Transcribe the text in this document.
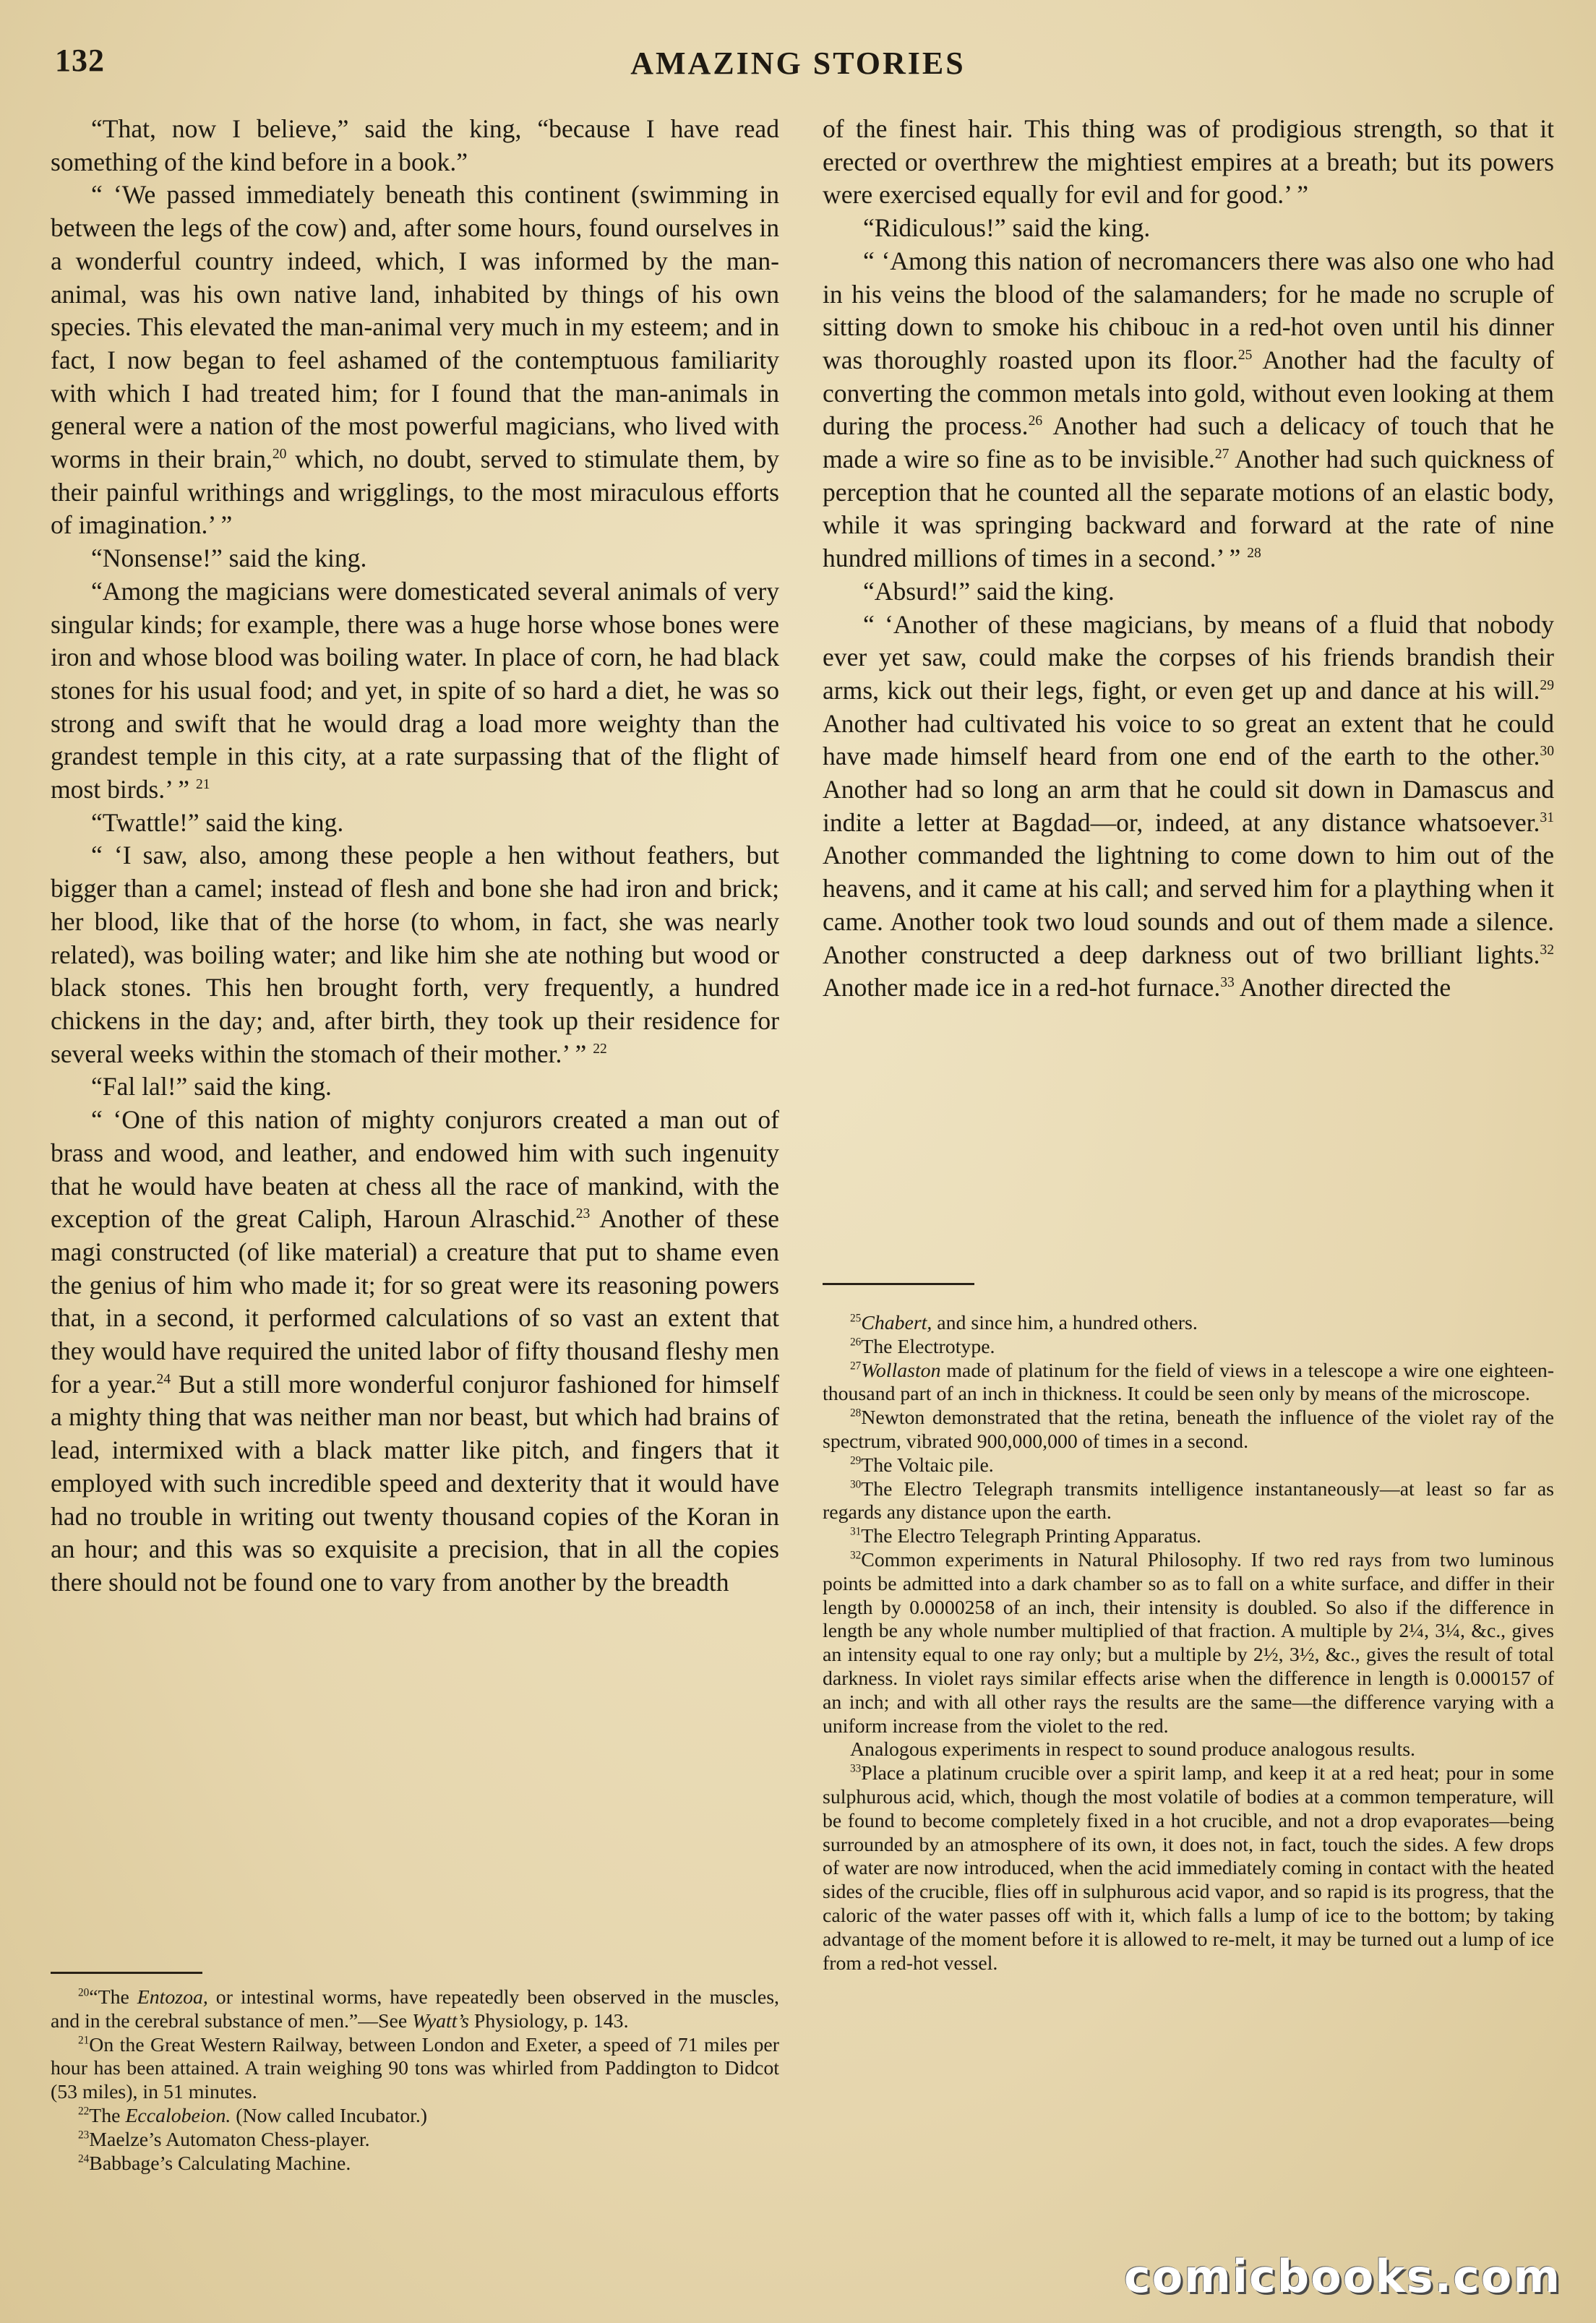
132	AMAZING STORIES

“That, now I believe,” said the king, “because I have read something of the kind before in a book.”

“ ‘We passed immediately beneath this continent (swimming in between the legs of the cow) and, after some hours, found ourselves in a wonderful country indeed, which, I was informed by the man-animal, was his own native land, inhabited by things of his own species. This elevated the man-animal very much in my esteem; and in fact, I now began to feel ashamed of the contemptuous familiarity with which I had treated him; for I found that the man-animals in general were a nation of the most powerful magicians, who lived with worms in their brain,$^{20}$ which, no doubt, served to stimulate them, by their painful writhings and wrigglings, to the most miraculous efforts of imagination.’ ”

“Nonsense!” said the king.

“Among the magicians were domesticated several animals of very singular kinds; for example, there was a huge horse whose bones were iron and whose blood was boiling water. In place of corn, he had black stones for his usual food; and yet, in spite of so hard a diet, he was so strong and swift that he would drag a load more weighty than the grandest temple in this city, at a rate surpassing that of the flight of most birds.’ ” $^{21}$

“Twattle!” said the king.

“ ‘I saw, also, among these people a hen without feathers, but bigger than a camel; instead of flesh and bone she had iron and brick; her blood, like that of the horse (to whom, in fact, she was nearly related), was boiling water; and like him she ate nothing but wood or black stones. This hen brought forth, very frequently, a hundred chickens in the day; and, after birth, they took up their residence for several weeks within the stomach of their mother.’ ” $^{22}$

“Fal lal!” said the king.

“ ‘One of this nation of mighty conjurors created a man out of brass and wood, and leather, and endowed him with such ingenuity that he would have beaten at chess all the race of mankind, with the exception of the great Caliph, Haroun Alraschid.$^{23}$ Another of these magi constructed (of like material) a creature that put to shame even the genius of him who made it; for so great were its reasoning powers that, in a second, it performed calculations of so vast an extent that they would have required the united labor of fifty thousand fleshy men for a year.$^{24}$ But a still more wonderful conjuror fashioned for himself a mighty thing that was neither man nor beast, but which had brains of lead, intermixed with a black matter like pitch, and fingers that it employed with such incredible speed and dexterity that it would have had no trouble in writing out twenty thousand copies of the Koran in an hour; and this was so exquisite a precision, that in all the copies there should not be found one to vary from another by the breadth

of the finest hair. This thing was of prodigious strength, so that it erected or overthrew the mightiest empires at a breath; but its powers were exercised equally for evil and for good.’ ”

“Ridiculous!” said the king.

“ ‘Among this nation of necromancers there was also one who had in his veins the blood of the salamanders; for he made no scruple of sitting down to smoke his chibouc in a red-hot oven until his dinner was thoroughly roasted upon its floor.$^{25}$ Another had the faculty of converting the common metals into gold, without even looking at them during the process.$^{26}$ Another had such a delicacy of touch that he made a wire so fine as to be invisible.$^{27}$ Another had such quickness of perception that he counted all the separate motions of an elastic body, while it was springing backward and forward at the rate of nine hundred millions of times in a second.’ ” $^{28}$

“Absurd!” said the king.

“ ‘Another of these magicians, by means of a fluid that nobody ever yet saw, could make the corpses of his friends brandish their arms, kick out their legs, fight, or even get up and dance at his will.$^{29}$ Another had cultivated his voice to so great an extent that he could have made himself heard from one end of the earth to the other.$^{30}$ Another had so long an arm that he could sit down in Damascus and indite a letter at Bagdad—or, indeed, at any distance whatsoever.$^{31}$ Another commanded the lightning to come down to him out of the heavens, and it came at his call; and served him for a plaything when it came. Another took two loud sounds and out of them made a silence. Another constructed a deep darkness out of two brilliant lights.$^{32}$ Another made ice in a red-hot furnace.$^{33}$ Another directed the

$^{25}$Chabert, and since him, a hundred others.

$^{26}$The Electrotype.

$^{27}$Wollaston made of platinum for the field of views in a telescope a wire one eighteen-thousand part of an inch in thickness. It could be seen only by means of the microscope.

$^{28}$Newton demonstrated that the retina, beneath the influence of the violet ray of the spectrum, vibrated 900,000,000 of times in a second.

$^{29}$The Voltaic pile.

$^{30}$The Electro Telegraph transmits intelligence instantaneously—at least so far as regards any distance upon the earth.

$^{31}$The Electro Telegraph Printing Apparatus.

$^{32}$Common experiments in Natural Philosophy. If two red rays from two luminous points be admitted into a dark chamber so as to fall on a white surface, and differ in their length by 0.0000258 of an inch, their intensity is doubled. So also if the difference in length be any whole number multiplied of that fraction. A multiple by 2¼, 3¼, &c., gives an intensity equal to one ray only; but a multiple by 2½, 3½, &c., gives the result of total darkness. In violet rays similar effects arise when the difference in length is 0.000157 of an inch; and with all other rays the results are the same—the difference varying with a uniform increase from the violet to the red.

Analogous experiments in respect to sound produce analogous results.

$^{33}$Place a platinum crucible over a spirit lamp, and keep it at a red heat; pour in some sulphurous acid, which, though the most volatile of bodies at a common temperature, will be found to become completely fixed in a hot crucible, and not a drop evaporates—being surrounded by an atmosphere of its own, it does not, in fact, touch the sides. A few drops of water are now introduced, when the acid immediately coming in contact with the heated sides of the crucible, flies off in sulphurous acid vapor, and so rapid is its progress, that the caloric of the water passes off with it, which falls a lump of ice to the bottom; by taking advantage of the moment before it is allowed to re-melt, it may be turned out a lump of ice from a red-hot vessel.

$^{20}$“The Entozoa, or intestinal worms, have repeatedly been observed in the muscles, and in the cerebral substance of men.”—See Wyatt’s Physiology, p. 143.

$^{21}$On the Great Western Railway, between London and Exeter, a speed of 71 miles per hour has been attained. A train weighing 90 tons was whirled from Paddington to Didcot (53 miles), in 51 minutes.

$^{22}$The Eccalobeion. (Now called Incubator.)

$^{23}$Maelze’s Automaton Chess-player.

$^{24}$Babbage’s Calculating Machine.

comicbooks.com
